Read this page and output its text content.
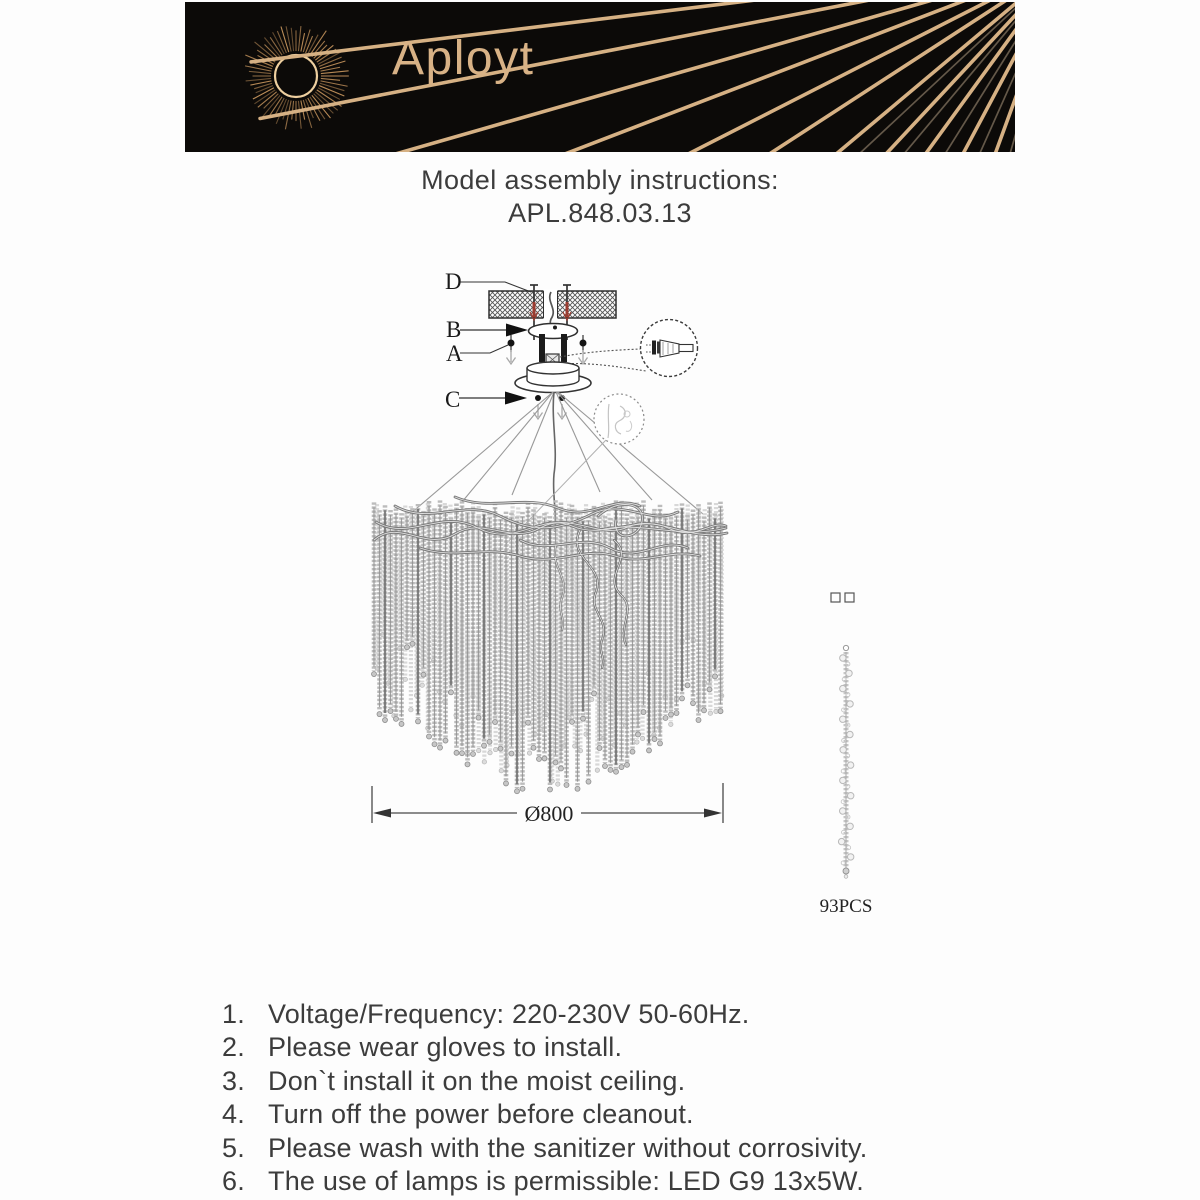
Aployt
Model assembly instructions:
APL.848.03.13
D
B
A
C
Ø800
93PCS
1. Voltage/Frequency: 220-230V 50-60Hz.
2. Please wear gloves to install.
3. Don`t install it on the moist ceiling.
4. Turn off the power before cleanout.
5. Please wash with the sanitizer without corrosivity.
6. The use of lamps is permissible: LED G9 13x5W.
